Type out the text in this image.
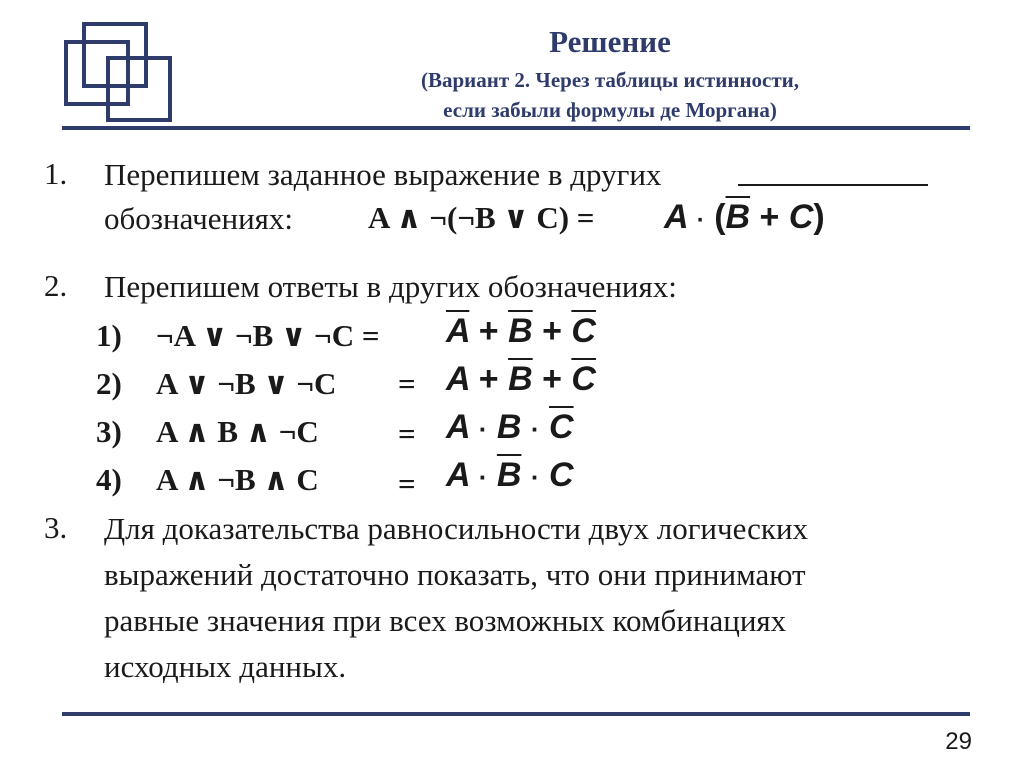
Решение
(Вариант 2. Через таблицы истинности,
если забыли формулы де Моргана)
1. Перепишем заданное выражение в других
обозначениях: A ∧ ¬(¬B ∨ $C) = A \cdot (\overline{B} + C)$
2. Перепишем ответы в других обозначениях:
1) ¬A ∨ ¬B ∨ ¬C = $\overline{A} + \overline{B} + \overline{C}$
2) A ∨ ¬B ∨ ¬C = $A + \overline{B} + \overline{C}$
3) A ∧ B ∧ ¬C	= $A \cdot B \cdot \overline{C}$
4) A ∧ ¬B ∧ C	= $A \cdot \overline{B} \cdot C$
3. Для доказательства равносильности двух логических
выражений достаточно показать, что они принимают
равные значения при всех возможных комбинациях
исходных данных.
29
